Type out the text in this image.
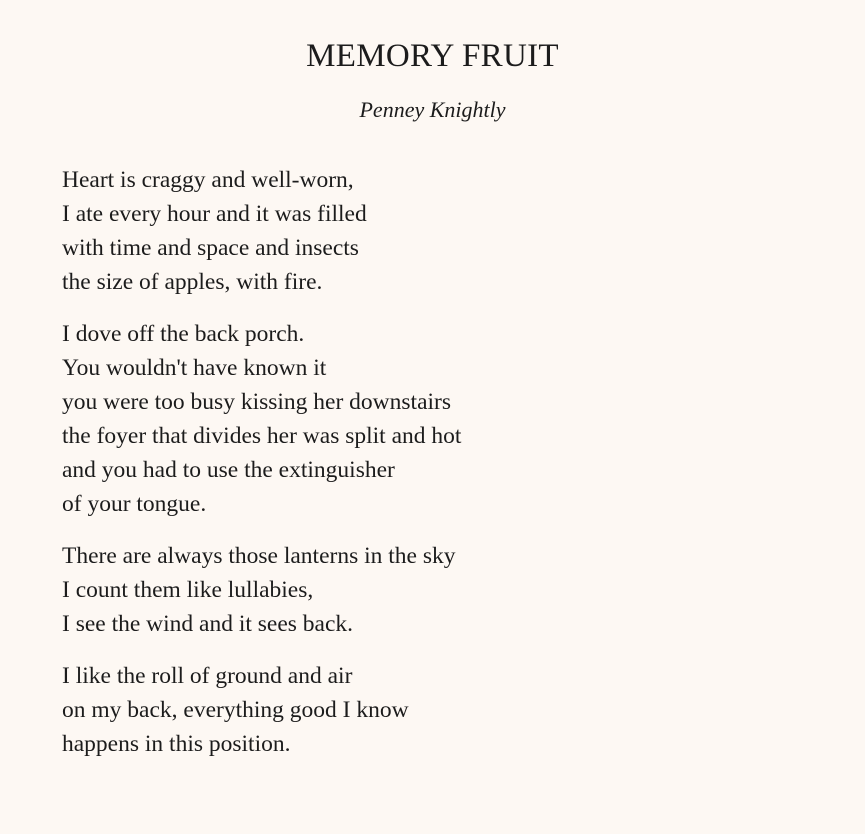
MEMORY FRUIT

Penney Knightly

Heart is craggy and well-worn,
I ate every hour and it was filled
with time and space and insects
the size of apples, with fire.
I dove off the back porch.
You wouldn't have known it
you were too busy kissing her downstairs
the foyer that divides her was split and hot
and you had to use the extinguisher
of your tongue.
There are always those lanterns in the sky
I count them like lullabies,
I see the wind and it sees back.
I like the roll of ground and air
on my back, everything good I know
happens in this position.
